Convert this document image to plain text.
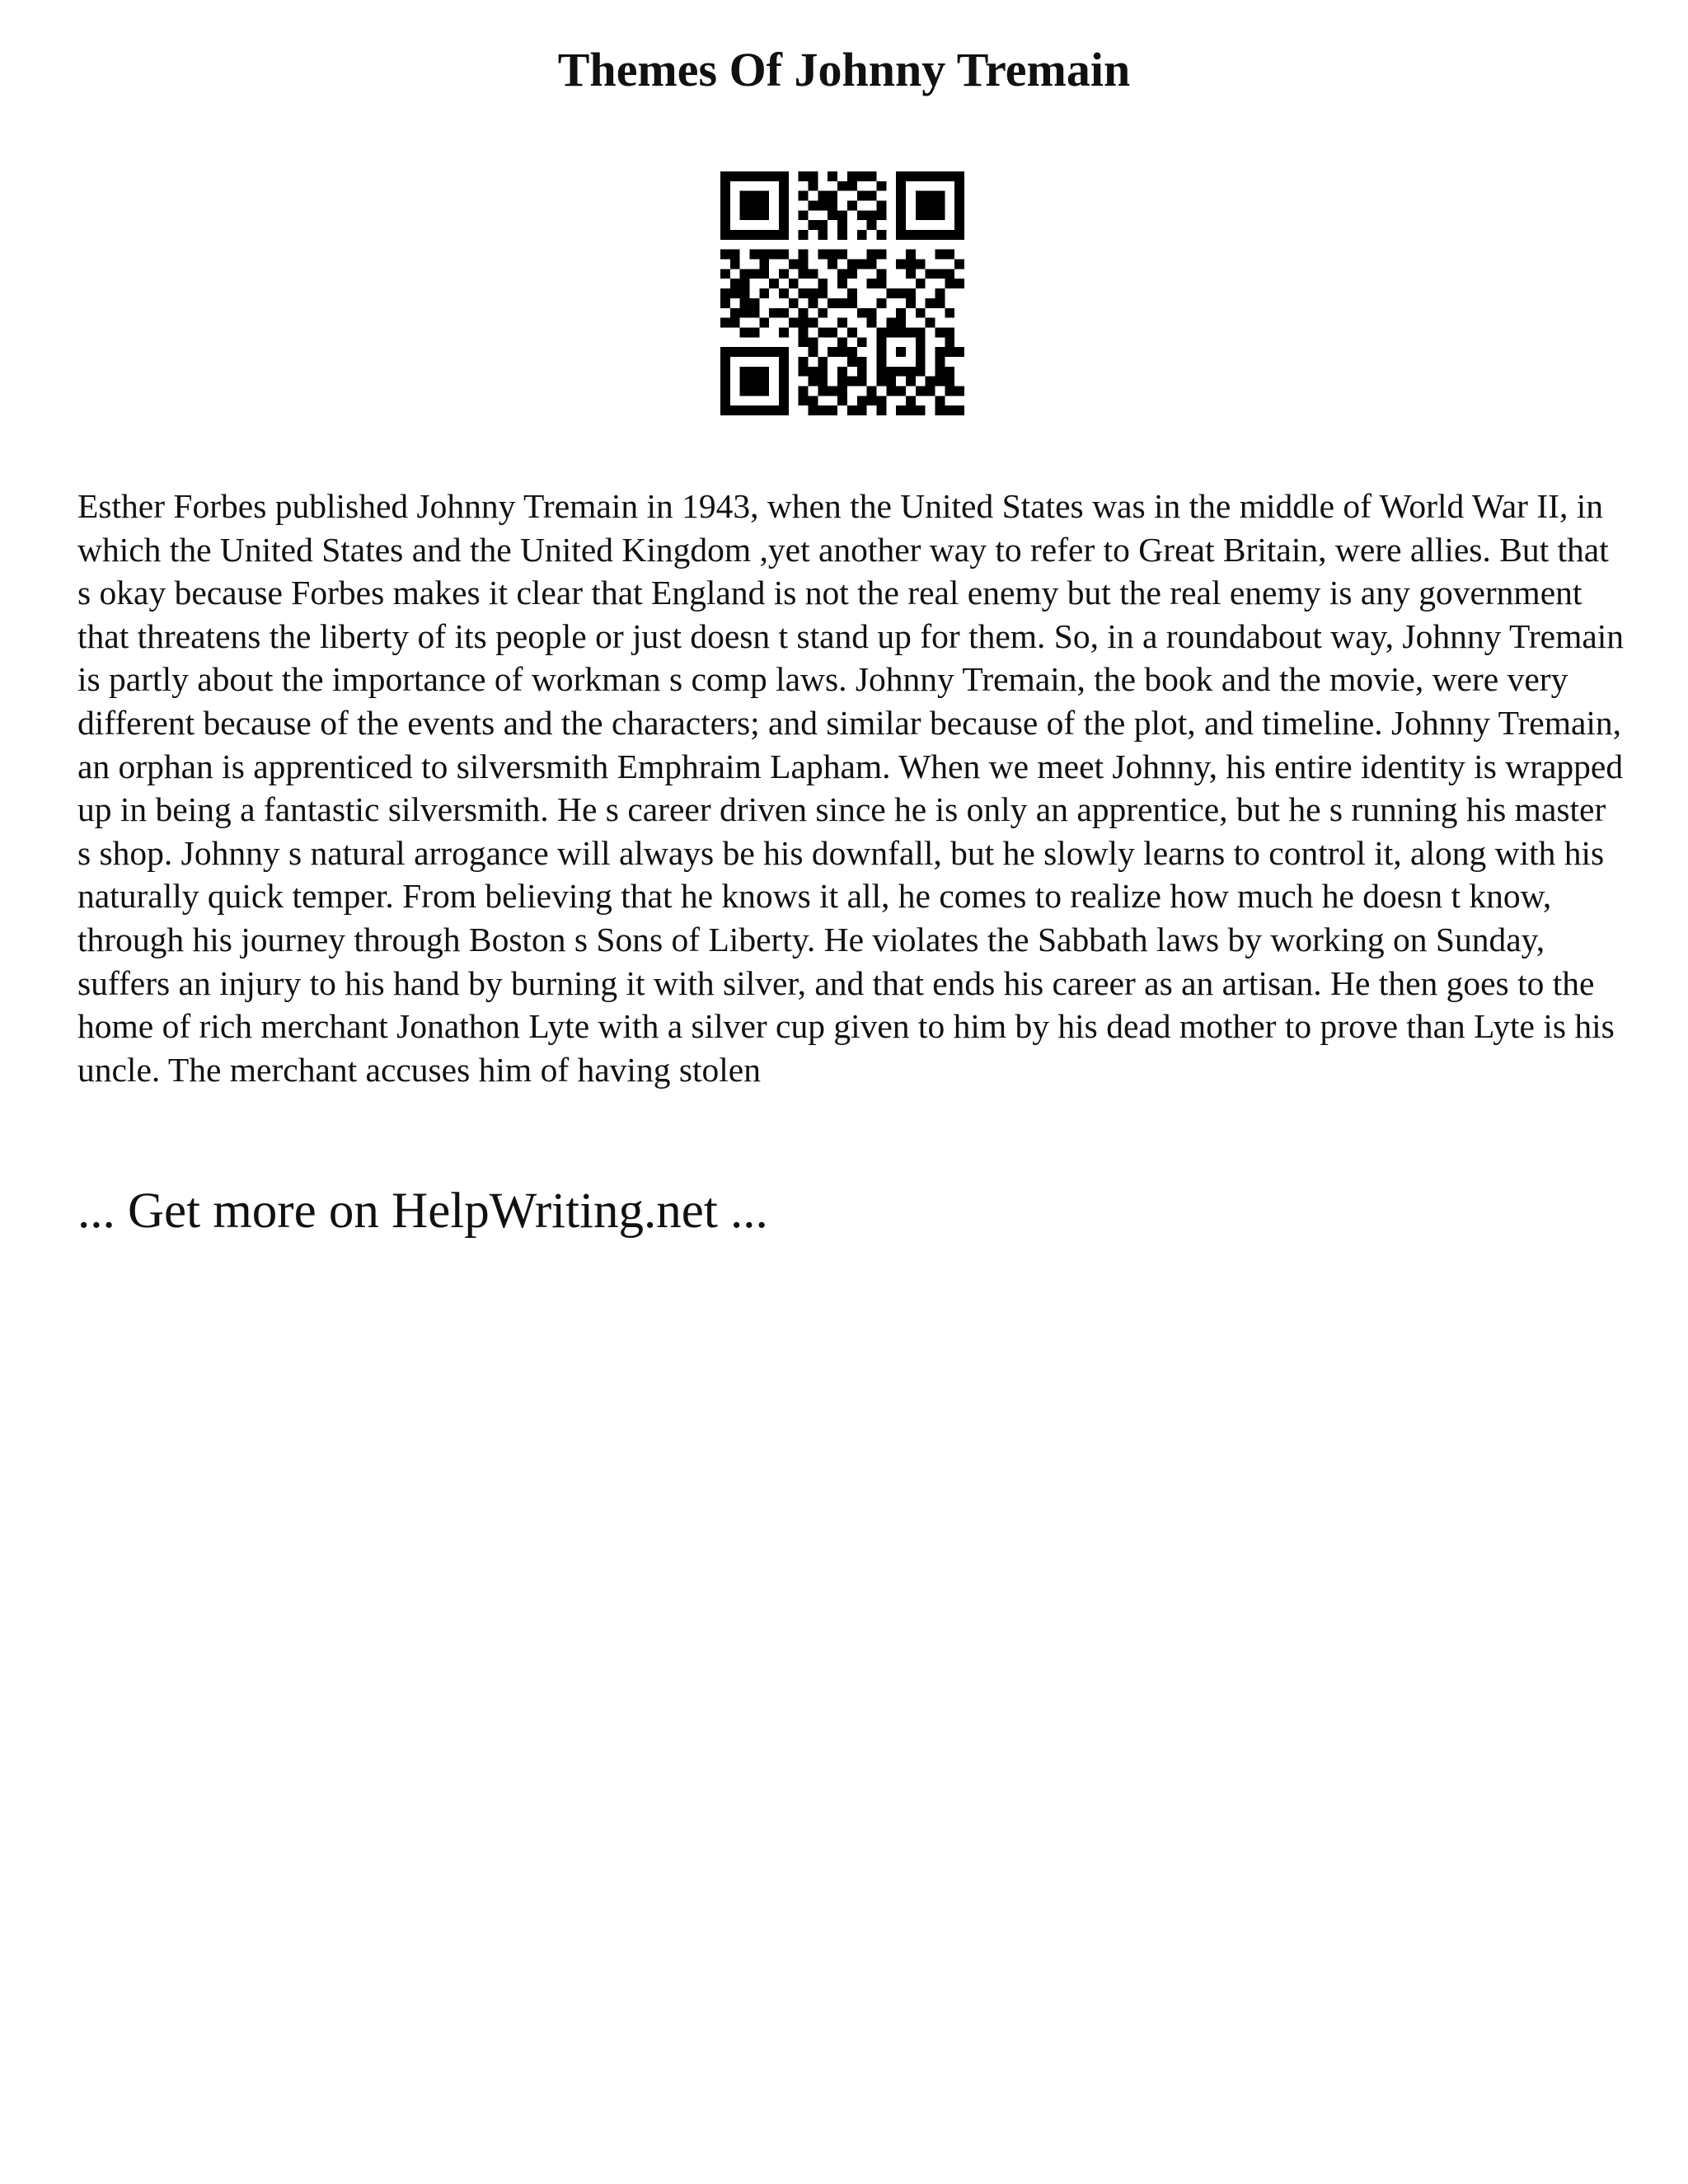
Themes Of Johnny Tremain

Esther Forbes published Johnny Tremain in 1943, when the United States was in the middle of World War II, in which the United States and the United Kingdom ,yet another way to refer to Great Britain, were allies. But that s okay because Forbes makes it clear that England is not the real enemy but the real enemy is any government that threatens the liberty of its people or just doesn t stand up for them. So, in a roundabout way, Johnny Tremain is partly about the importance of workman s comp laws. Johnny Tremain, the book and the movie, were very different because of the events and the characters; and similar because of the plot, and timeline. Johnny Tremain, an orphan is apprenticed to silversmith Emphraim Lapham. When we meet Johnny, his entire identity is wrapped up in being a fantastic silversmith. He s career driven since he is only an apprentice, but he s running his master s shop. Johnny s natural arrogance will always be his downfall, but he slowly learns to control it, along with his naturally quick temper. From believing that he knows it all, he comes to realize how much he doesn t know, through his journey through Boston s Sons of Liberty. He violates the Sabbath laws by working on Sunday, suffers an injury to his hand by burning it with silver, and that ends his career as an artisan. He then goes to the home of rich merchant Jonathon Lyte with a silver cup given to him by his dead mother to prove than Lyte is his uncle. The merchant accuses him of having stolen

... Get more on HelpWriting.net ...
